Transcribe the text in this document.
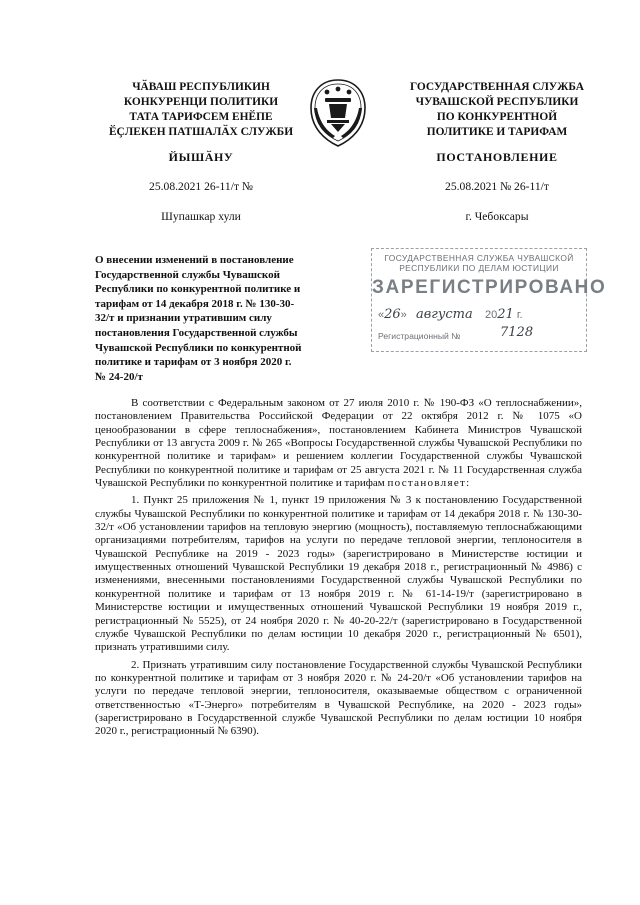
ЧӐВАШ РЕСПУБЛИКИН
КОНКУРЕНЦИ ПОЛИТИКИ
ТАТА ТАРИФСЕМ ЕНӖПЕ
ӖҪЛЕКЕН ПАТШАЛӐХ СЛУЖБИ
ГОСУДАРСТВЕННАЯ СЛУЖБА
ЧУВАШСКОЙ РЕСПУБЛИКИ
ПО КОНКУРЕНТНОЙ
ПОЛИТИКЕ И ТАРИФАМ
ЙЫШӐНУ	ПОСТАНОВЛЕНИЕ
25.08.2021 26-11/т №	25.08.2021 № 26-11/т
Шупашкар хули	г. Чебоксары
О внесении изменений в постановление
Государственной службы Чувашской
Республики по конкурентной политике и
тарифам от 14 декабря 2018 г. № 130-30-
32/т и признании утратившим силу
постановления Государственной службы
Чувашской Республики по конкурентной
политике и тарифам от 3 ноября 2020 г.
№ 24-20/т
ГОСУДАРСТВЕННАЯ СЛУЖБА ЧУВАШСКОЙ
РЕСПУБЛИКИ ПО ДЕЛАМ ЮСТИЦИИ
ЗАРЕГИСТРИРОВАНО
«26»   августа 2021 г.
Регистрационный №	7128

В соответствии с Федеральным законом от 27 июля 2010 г. № 190-ФЗ «О теплоснабжении», постановлением Правительства Российской Федерации от 22 октября 2012 г. № 1075 «О ценообразовании в сфере теплоснабжения», постановлением Кабинета Министров Чувашской Республики от 13 августа 2009 г. № 265 «Вопросы Государственной службы Чувашской Республики по конкурентной политике и тарифам» и решением коллегии Государственной службы Чувашской Республики по конкурентной политике и тарифам от 25 августа 2021 г. № 11 Государственная служба Чувашской Республики по конкурентной политике и тарифам постановляет:

1. Пункт 25 приложения № 1, пункт 19 приложения № 3 к постановлению Государственной службы Чувашской Республики по конкурентной политике и тарифам от 14 декабря 2018 г. № 130-30-32/т «Об установлении тарифов на тепловую энергию (мощность), поставляемую теплоснабжающими организациями потребителям, тарифов на услуги по передаче тепловой энергии, теплоносителя в Чувашской Республике на 2019 - 2023 годы» (зарегистрировано в Министерстве юстиции и имущественных отношений Чувашской Республики 19 декабря 2018 г., регистрационный № 4986) с изменениями, внесенными постановлениями Государственной службы Чувашской Республики по конкурентной политике и тарифам от 13 ноября 2019 г. № 61-14-19/т (зарегистрировано в Министерстве юстиции и имущественных отношений Чувашской Республики 19 ноября 2019 г., регистрационный № 5525), от 24 ноября 2020 г. № 40-20-22/т (зарегистрировано в Государственной службе Чувашской Республики по делам юстиции 10 декабря 2020 г., регистрационный № 6501), признать утратившими силу.

2. Признать утратившим силу постановление Государственной службы Чувашской Республики по конкурентной политике и тарифам от 3 ноября 2020 г. № 24-20/т «Об установлении тарифов на услуги по передаче тепловой энергии, теплоносителя, оказываемые обществом с ограниченной ответственностью «Т-Энерго» потребителям в Чувашской Республике, на 2020 - 2023 годы» (зарегистрировано в Государственной службе Чувашской Республики по делам юстиции 10 ноября 2020 г., регистрационный № 6390).
